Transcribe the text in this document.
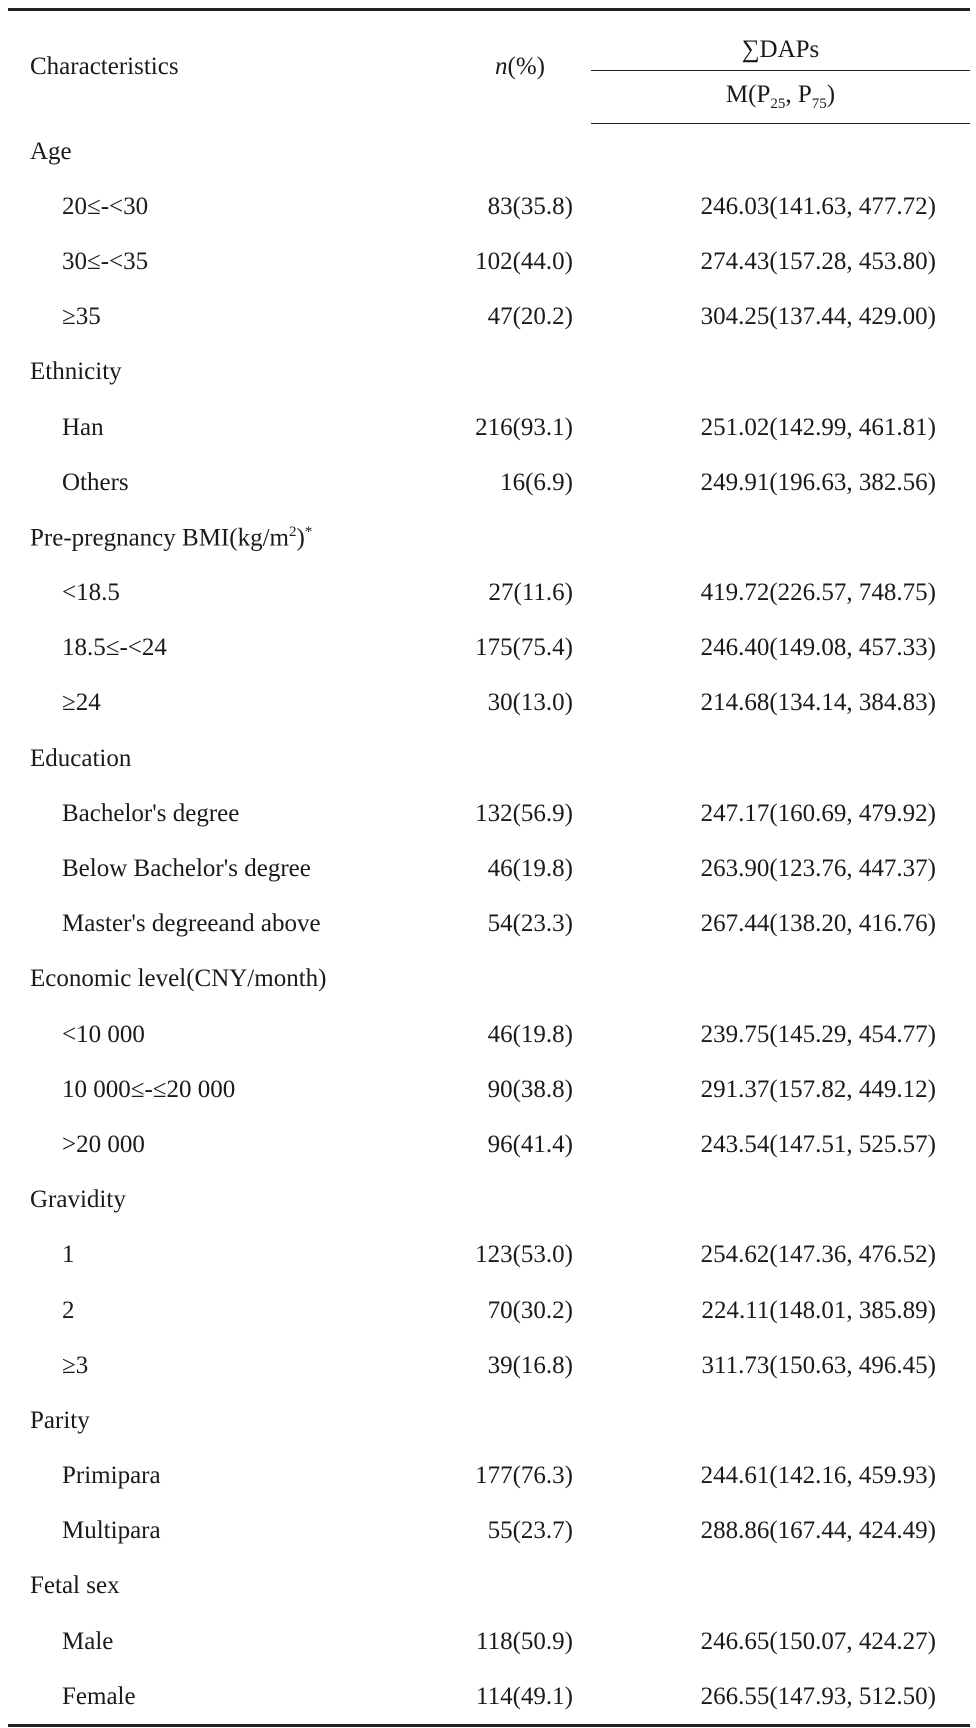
Characteristics	n(%)	∑DAPs
		$M(P_{25}$, $P_{75}$)
Age		
20≤-<30	83(35.8)	246.03(141.63, 477.72)
30≤-<35	102(44.0)	274.43(157.28, 453.80)
≥35	47(20.2)	304.25(137.44, 429.00)
Ethnicity		
Han	216(93.1)	251.02(142.99, 461.81)
Others	16(6.9)	249.91(196.63, 382.56)
Pre-pregnancy $BMI(kg/m^2)^*$
<18.5	27(11.6)	419.72(226.57, 748.75)
18.5≤-<24	175(75.4)	246.40(149.08, 457.33)
≥24	30(13.0)	214.68(134.14, 384.83)
Education		
Bachelor's degree	132(56.9)	247.17(160.69, 479.92)
Below Bachelor's degree	46(19.8)	263.90(123.76, 447.37)
Master's degreeand above	54(23.3)	267.44(138.20, 416.76)
Economic level(CNY/month)		
<10 000	46(19.8)	239.75(145.29, 454.77)
10 000≤-≤20 000	90(38.8)	291.37(157.82, 449.12)
>20 000	96(41.4)	243.54(147.51, 525.57)
Gravidity		
1	123(53.0)	254.62(147.36, 476.52)
2	70(30.2)	224.11(148.01, 385.89)
≥3	39(16.8)	311.73(150.63, 496.45)
Parity		
Primipara	177(76.3)	244.61(142.16, 459.93)
Multipara	55(23.7)	288.86(167.44, 424.49)
Fetal sex		
Male	118(50.9)	246.65(150.07, 424.27)
Female	114(49.1)	266.55(147.93, 512.50)
